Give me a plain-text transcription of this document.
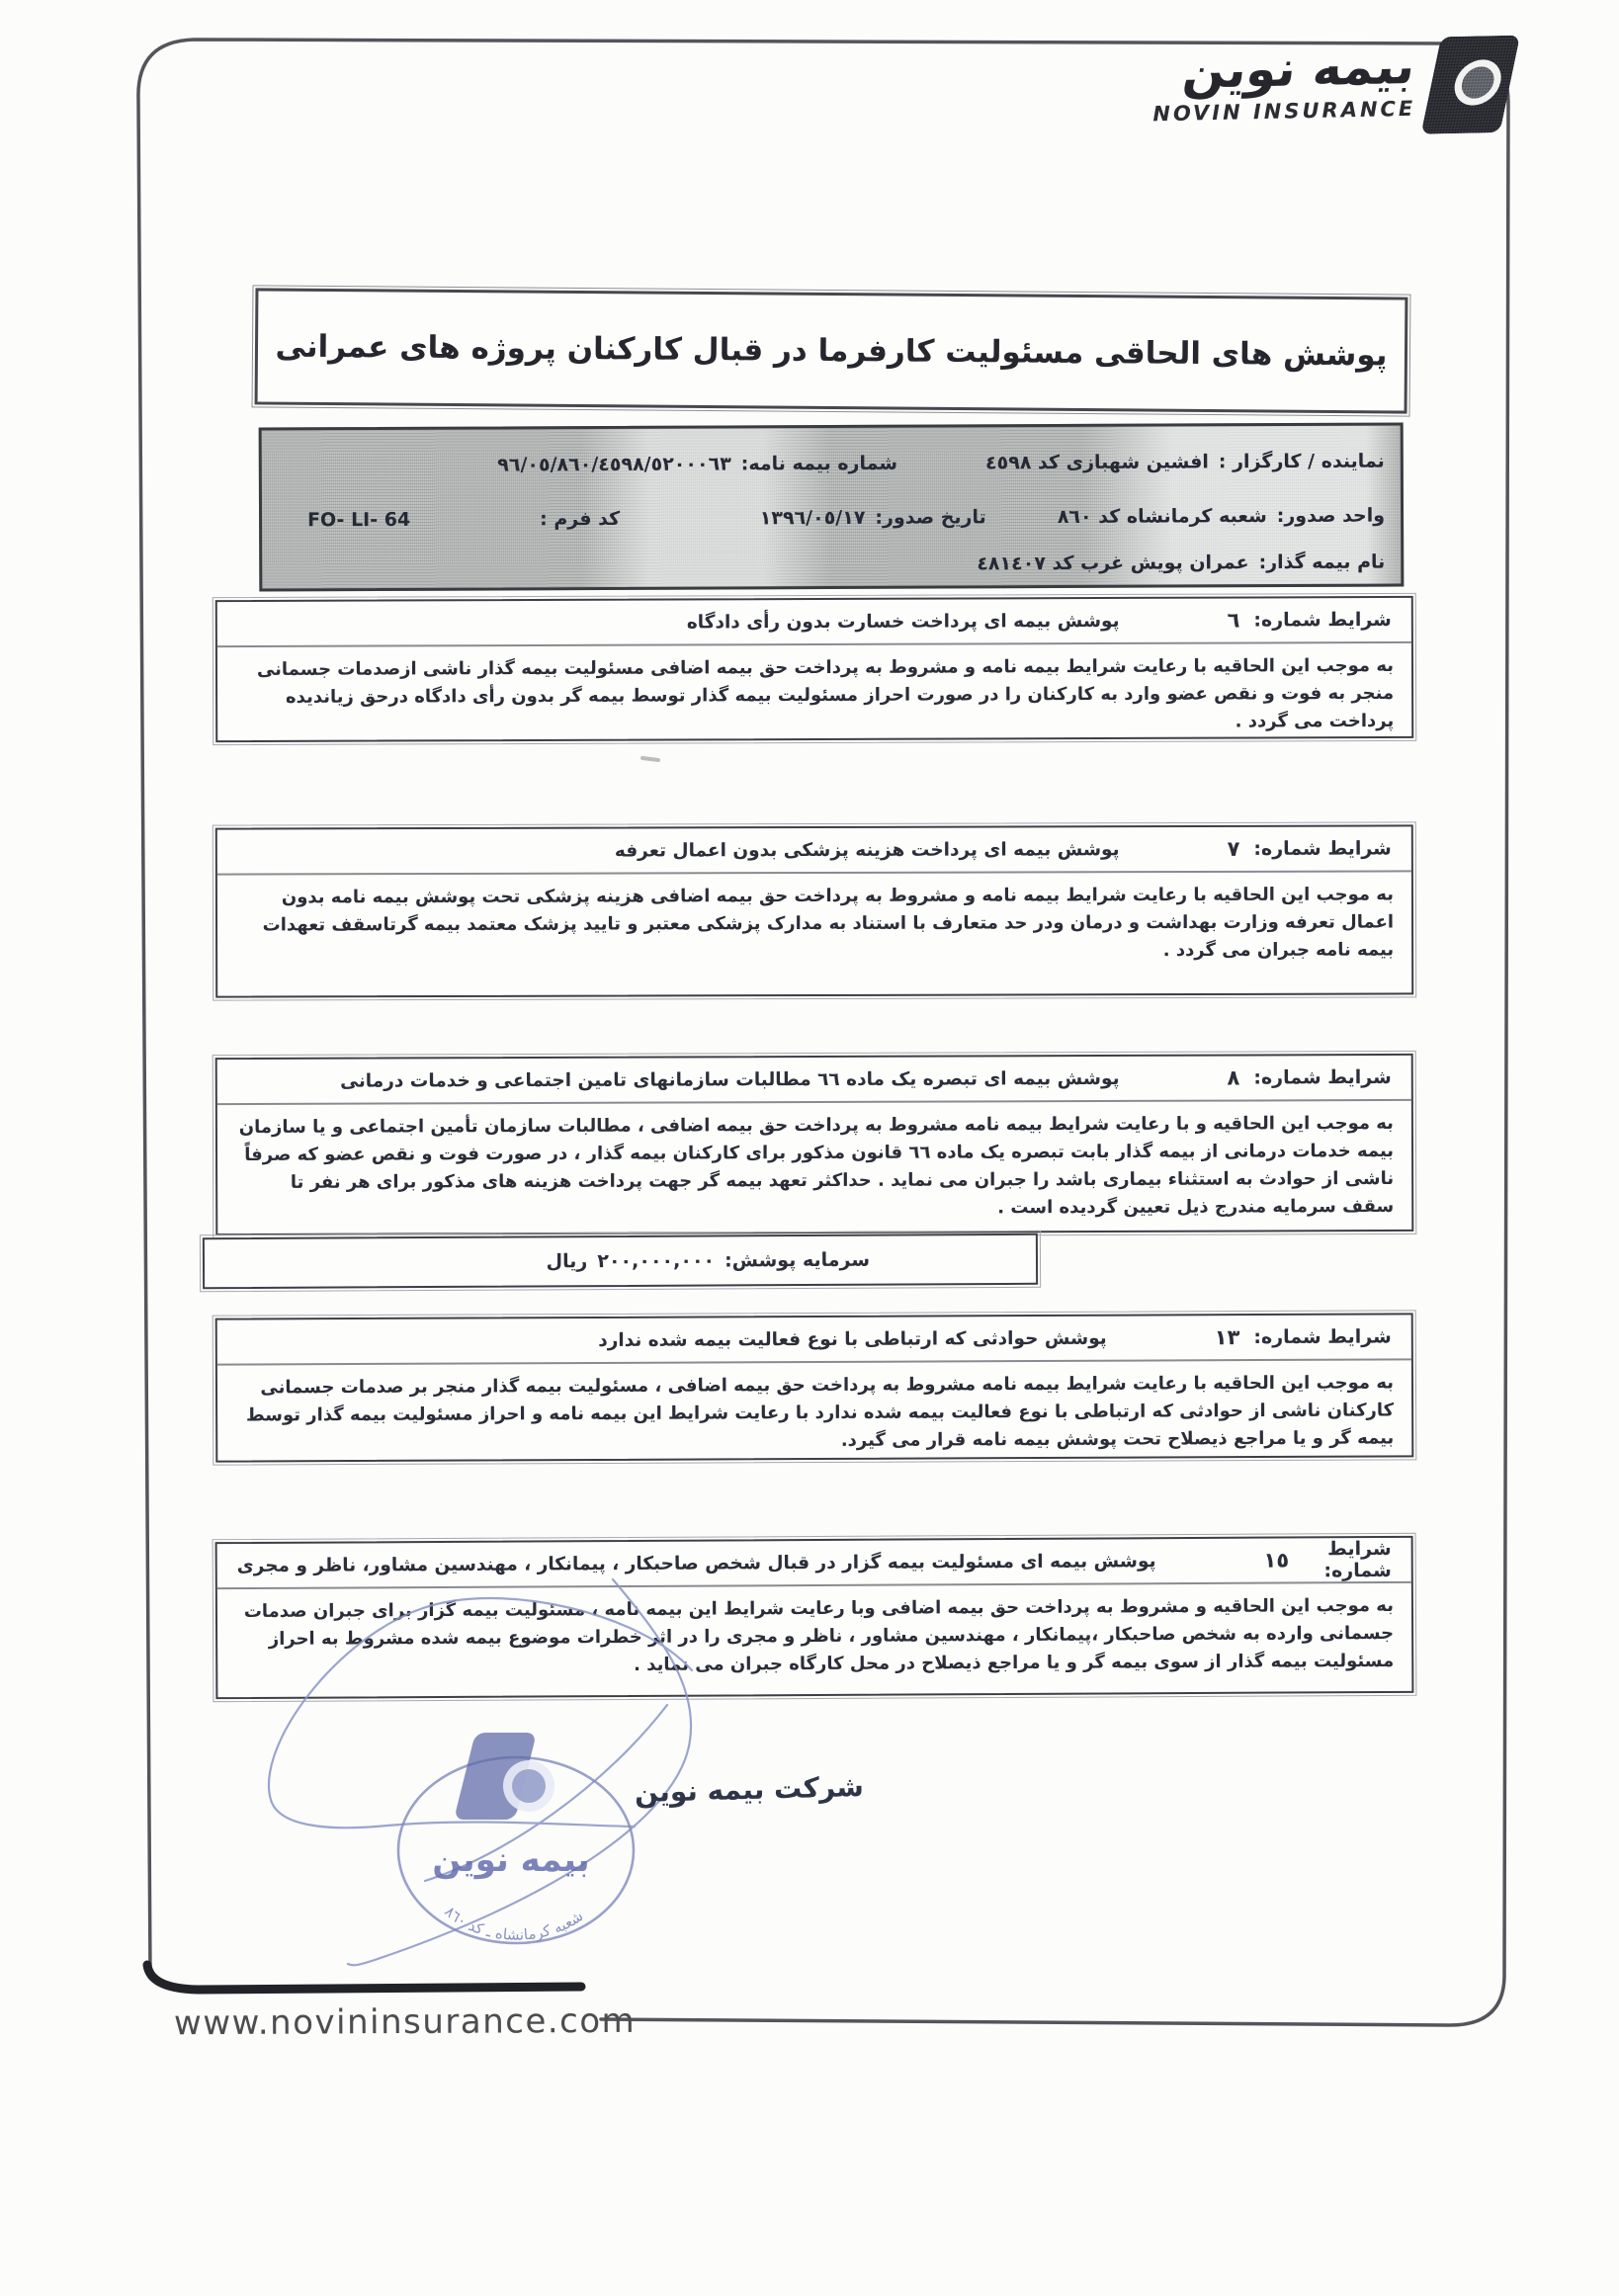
بیمه نوین
NOVIN INSURANCE
پوشش های الحاقی مسئولیت کارفرما در قبال کارکنان پروژه های عمرانی
نماینده / کارگزار :
افشین شهبازی کد ٤٥٩٨
شماره بیمه نامه:
٩٦/٠٥/٨٦٠/٤٥٩٨/٥٢٠٠٠٦٣
واحد صدور:
شعبه کرمانشاه کد ٨٦٠
تاریخ صدور:
١٣٩٦/٠٥/١٧
کد فرم :
FO- LI- 64
نام بیمه گذار:
عمران پویش غرب کد ٤٨١٤٠٧
شرایط شماره:
٦
پوشش بیمه ای پرداخت خسارت بدون رأی دادگاه
به موجب این الحاقیه با رعایت شرایط بیمه نامه و مشروط به پرداخت حق بیمه اضافی مسئولیت بیمه گذار ناشی ازصدمات جسمانی منجر به فوت و نقص عضو وارد به کارکنان را در صورت احراز مسئولیت بیمه گذار توسط بیمه گر بدون رأی دادگاه درحق زیاندیده پرداخت می گردد .
شرایط شماره:
٧
پوشش بیمه ای پرداخت هزینه پزشکی بدون اعمال تعرفه
به موجب این الحاقیه با رعایت شرایط بیمه نامه و مشروط به پرداخت حق بیمه اضافی هزینه پزشکی تحت پوشش بیمه نامه بدون اعمال تعرفه وزارت بهداشت و درمان ودر حد متعارف با استناد به مدارک پزشکی معتبر و تایید پزشک معتمد بیمه گرتاسقف تعهدات بیمه نامه جبران می گردد .
شرایط شماره:
٨
پوشش بیمه ای تبصره یک ماده ٦٦ مطالبات سازمانهای تامین اجتماعی و خدمات درمانی
به موجب این الحاقیه و با رعایت شرایط بیمه نامه مشروط به پرداخت حق بیمه اضافی ، مطالبات سازمان تأمین اجتماعی و یا سازمان بیمه خدمات درمانی از بیمه گذار بابت تبصره یک ماده ٦٦ قانون مذکور برای کارکنان بیمه گذار ، در صورت فوت و نقص عضو که صرفاً ناشی از حوادث به استثناء بیماری باشد را جبران می نماید . حداکثر تعهد بیمه گر جهت پرداخت هزینه های مذکور برای هر نفر تا سقف سرمایه مندرج ذیل تعیین گردیده است .
سرمایه پوشش:
٢٠٠,٠٠٠,٠٠٠
ریال
شرایط شماره:
١٣
پوشش حوادثی که ارتباطی با نوع فعالیت بیمه شده ندارد
به موجب این الحاقیه با رعایت شرایط بیمه نامه مشروط به پرداخت حق بیمه اضافی ، مسئولیت بیمه گذار منجر بر صدمات جسمانی کارکنان ناشی از حوادثی که ارتباطی با نوع فعالیت بیمه شده ندارد با رعایت شرایط این بیمه نامه و احراز مسئولیت بیمه گذار توسط بیمه گر و یا مراجع ذیصلاح تحت پوشش بیمه نامه قرار می گیرد.
شرایط شماره:
١٥
پوشش بیمه ای مسئولیت بیمه گزار در قبال شخص صاحبکار ، پیمانکار ، مهندسین مشاور، ناظر و مجری
به موجب این الحاقیه و مشروط به پرداخت حق بیمه اضافی وبا رعایت شرایط این بیمه نامه ، مسئولیت بیمه گزار برای جبران صدمات جسمانی وارده به شخص صاحبکار ،پیمانکار ، مهندسین مشاور ، ناظر و مجری را در اثر خطرات موضوع بیمه شده مشروط به احراز مسئولیت بیمه گذار از سوی بیمه گر و یا مراجع ذیصلاح در محل کارگاه جبران می نماید .
بیمه نوین
شعبه کرمانشاه ـ کد ٨٦٠
شرکت بیمه نوین
www.novininsurance.com
